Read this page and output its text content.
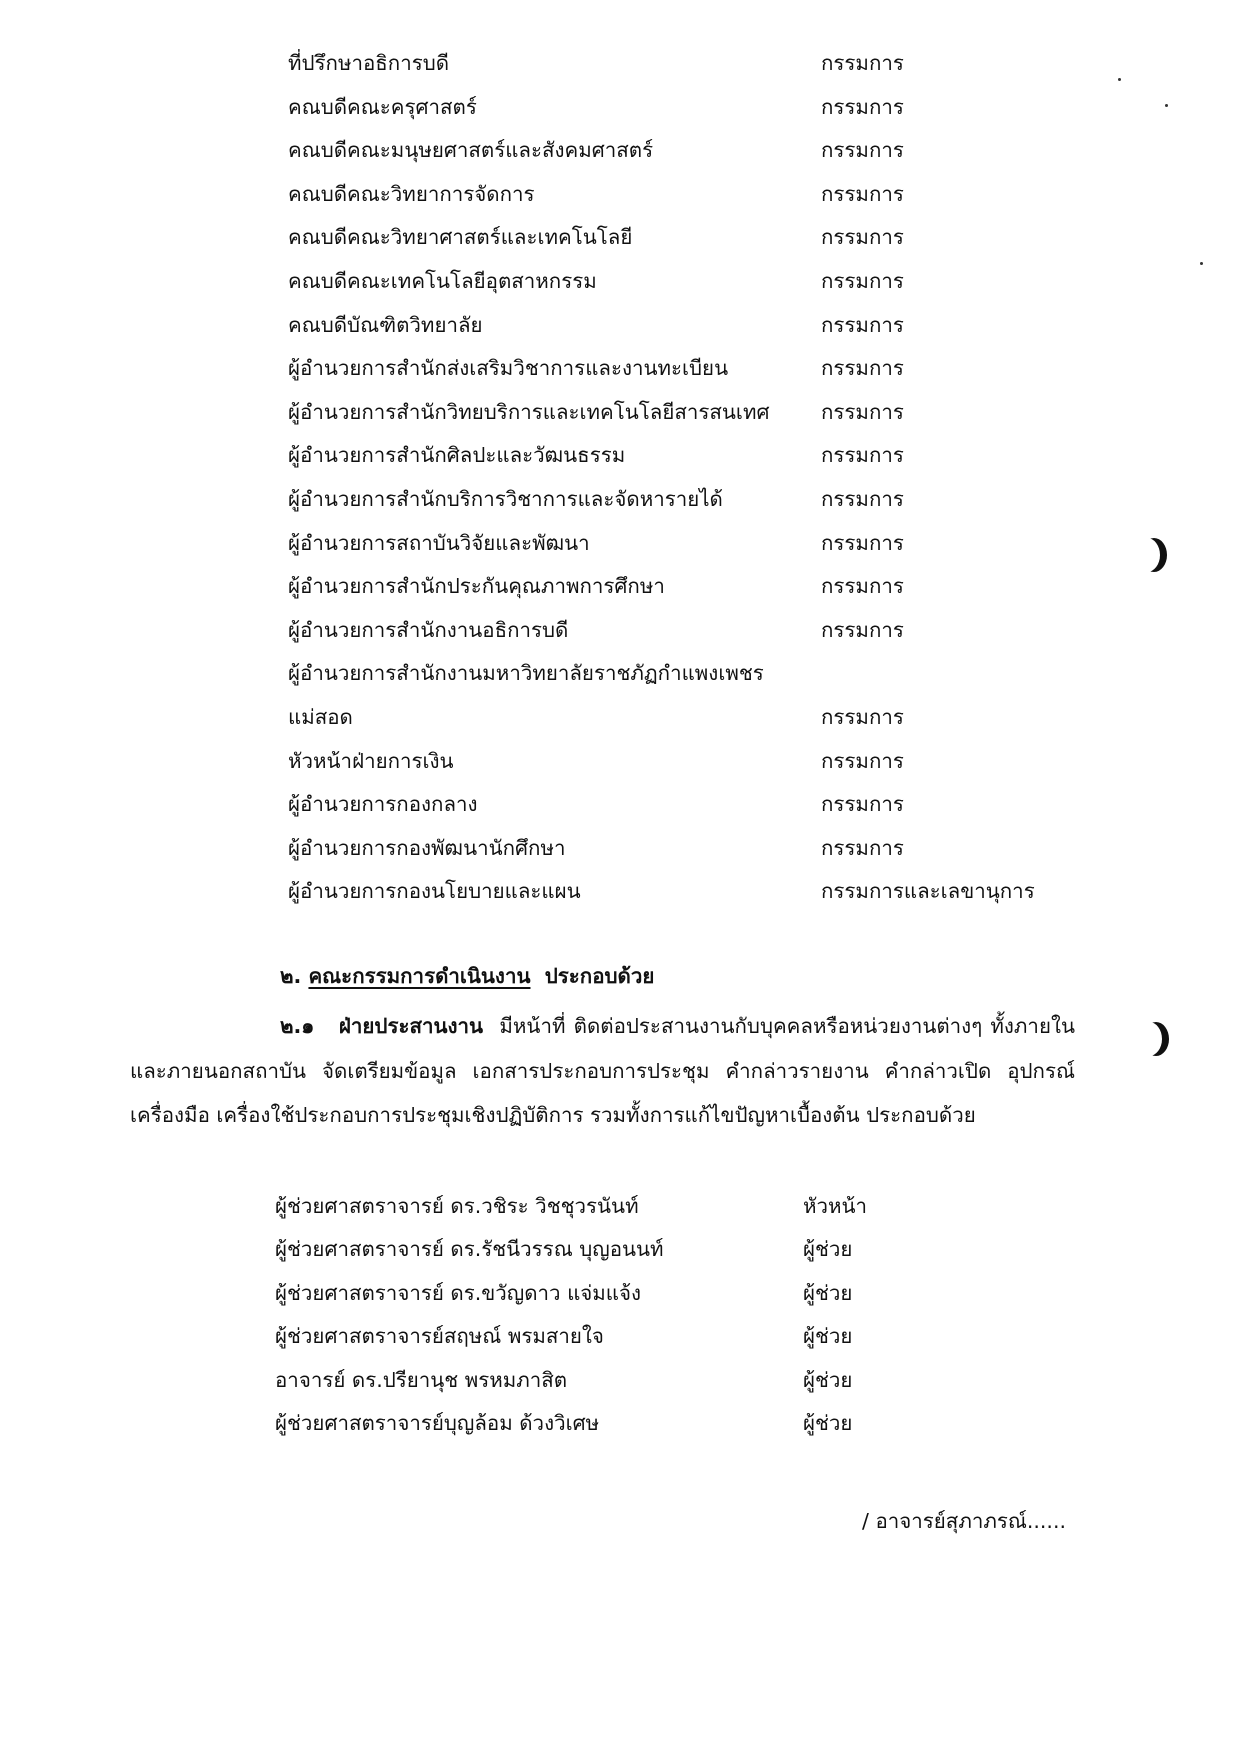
ที่ปรึกษาอธิการบดี	กรรมการ
คณบดีคณะครุศาสตร์	กรรมการ
คณบดีคณะมนุษยศาสตร์และสังคมศาสตร์	กรรมการ
คณบดีคณะวิทยาการจัดการ	กรรมการ
คณบดีคณะวิทยาศาสตร์และเทคโนโลยี	กรรมการ
คณบดีคณะเทคโนโลยีอุตสาหกรรม	กรรมการ
คณบดีบัณฑิตวิทยาลัย	กรรมการ
ผู้อำนวยการสำนักส่งเสริมวิชาการและงานทะเบียน	กรรมการ
ผู้อำนวยการสำนักวิทยบริการและเทคโนโลยีสารสนเทศ	กรรมการ
ผู้อำนวยการสำนักศิลปะและวัฒนธรรม	กรรมการ
ผู้อำนวยการสำนักบริการวิชาการและจัดหารายได้	กรรมการ
ผู้อำนวยการสถาบันวิจัยและพัฒนา	กรรมการ
ผู้อำนวยการสำนักประกันคุณภาพการศึกษา	กรรมการ
ผู้อำนวยการสำนักงานอธิการบดี	กรรมการ
ผู้อำนวยการสำนักงานมหาวิทยาลัยราชภัฏกำแพงเพชร
แม่สอด	กรรมการ
หัวหน้าฝ่ายการเงิน	กรรมการ
ผู้อำนวยการกองกลาง	กรรมการ
ผู้อำนวยการกองพัฒนานักศึกษา	กรรมการ
ผู้อำนวยการกองนโยบายและแผน	กรรมการและเลขานุการ
๒. คณะกรรมการดำเนินงาน ประกอบด้วย
๒.๑ ฝ่ายประสานงาน มีหน้าที่ ติดต่อประสานงานกับบุคคลหรือหน่วยงานต่างๆ ทั้งภายในและภายนอกสถาบัน จัดเตรียมข้อมูล เอกสารประกอบการประชุม คำกล่าวรายงาน คำกล่าวเปิด อุปกรณ์ เครื่องมือ เครื่องใช้ประกอบการประชุมเชิงปฏิบัติการ รวมทั้งการแก้ไขปัญหาเบื้องต้น ประกอบด้วย
ผู้ช่วยศาสตราจารย์ ดร.วชิระ วิชชุวรนันท์	หัวหน้า
ผู้ช่วยศาสตราจารย์ ดร.รัชนีวรรณ บุญอนนท์	ผู้ช่วย
ผู้ช่วยศาสตราจารย์ ดร.ขวัญดาว แจ่มแจ้ง	ผู้ช่วย
ผู้ช่วยศาสตราจารย์สฤษณ์ พรมสายใจ	ผู้ช่วย
อาจารย์ ดร.ปรียานุช พรหมภาสิต	ผู้ช่วย
ผู้ช่วยศาสตราจารย์บุญล้อม ด้วงวิเศษ	ผู้ช่วย
/ อาจารย์สุภาภรณ์......
